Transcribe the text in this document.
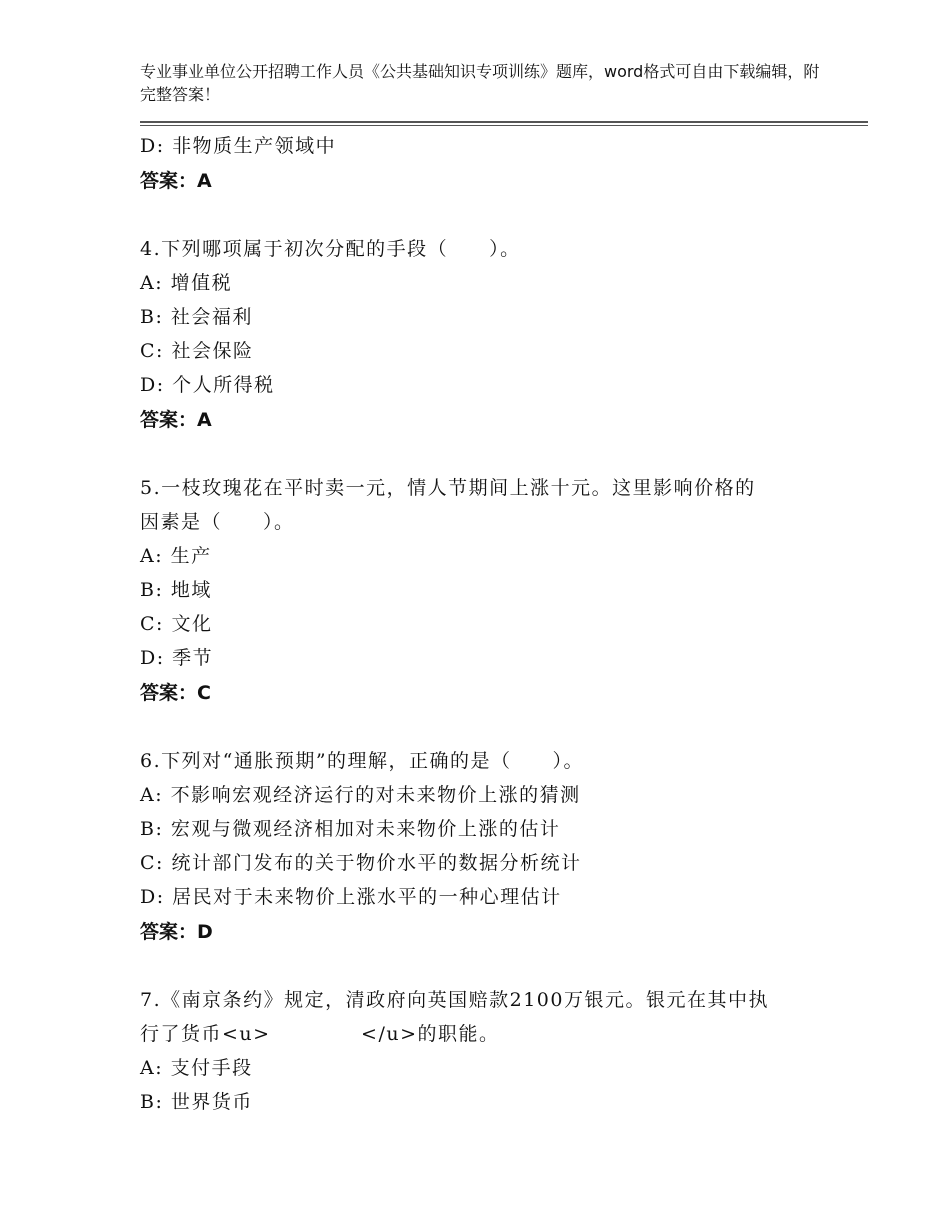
专业事业单位公开招聘工作人员《公共基础知识专项训练》题库，word格式可自由下载编辑，附完整答案！
D: 非物质生产领域中
答案：A
4.下列哪项属于初次分配的手段（　　）。
A: 增值税
B: 社会福利
C: 社会保险
D: 个人所得税
答案：A
5.一枝玫瑰花在平时卖一元，情人节期间上涨十元。这里影响价格的
因素是（　　）。
A: 生产
B: 地域
C: 文化
D: 季节
答案：C
6.下列对“通胀预期”的理解，正确的是（　　）。
A: 不影响宏观经济运行的对未来物价上涨的猜测
B: 宏观与微观经济相加对未来物价上涨的估计
C: 统计部门发布的关于物价水平的数据分析统计
D: 居民对于未来物价上涨水平的一种心理估计
答案：D
7.《南京条约》规定，清政府向英国赔款2100万银元。银元在其中执
行了货币<u>            </u>的职能。
A: 支付手段
B: 世界货币
